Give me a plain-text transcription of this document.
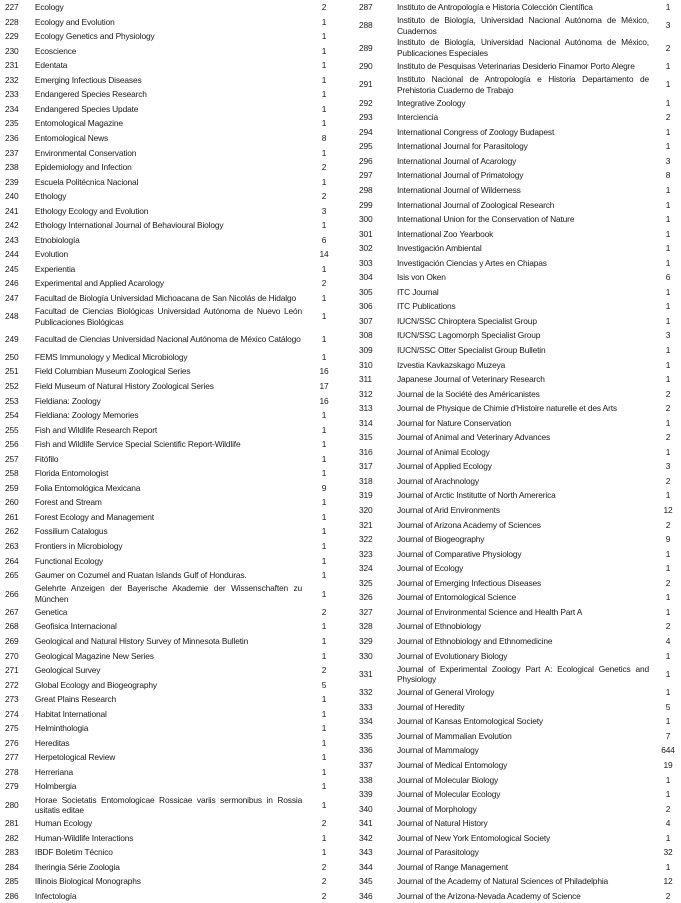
227	Ecology	2
228	Ecology and Evolution	1
229	Ecology Genetics and Physiology	1
230	Ecoscience	1
231	Edentata	1
232	Emerging Infectious Diseases	1
233	Endangered Species Research	1
234	Endangered Species Update	1
235	Entomological Magazine	1
236	Entomological News	8
237	Environmental Conservation	1
238	Epidemiology and Infection	2
239	Escuela Politécnica Nacional	1
240	Ethology	2
241	Ethology Ecology and Evolution	3
242	Ethology International Journal of Behavioural Biology	1
243	Etnobiología	6
244	Evolution	14
245	Experientia	1
246	Experimental and Applied Acarology	2
247	Facultad de Biología Universidad Michoacana de San Nicolás de Hidalgo	1
248	Facultad de Ciencias Biológicas Universidad Autónoma de Nuevo León Publicaciones Biológicas	1
249	Facultad de Ciencias Universidad Nacional Autónoma de México Catálogo	1
250	FEMS Immunology y Medical Microbiology	1
251	Field Columbian Museum Zoological Series	16
252	Field Museum of Natural History Zoological Series	17
253	Fieldiana: Zoology	16
254	Fieldiana: Zoology Memories	1
255	Fish and Wildlife Research Report	1
256	Fish and Wildlife Service Special Scientific Report-Wildlife	1
257	Fitófilo	1
258	Florida Entomologist	1
259	Folia Entomológica Mexicana	9
260	Forest and Stream	1
261	Forest Ecology and Management	1
262	Fossilium Catalogus	1
263	Frontiers in Microbiology	1
264	Functional Ecology	1
265	Gaumer on Cozumel and Ruatan Islands Gulf of Honduras.	1
266	Gelehrte Anzeigen der Bayerische Akademie der Wissenschaften zu München	1
267	Genetica	2
268	Geofisica Internacional	1
269	Geological and Natural History Survey of Minnesota Bulletin	1
270	Geological Magazine New Series	1
271	Geological Survey	2
272	Global Ecology and Biogeography	5
273	Great Plains Research	1
274	Habitat International	1
275	Helminthologia	1
276	Hereditas	1
277	Herpetological Review	1
278	Herreriana	1
279	Holmbergia	1
280	Horae Societatis Entomologicae Rossicae variis sermonibus in Rossia usitatis editae	1
281	Human Ecology	2
282	Human-Wildlife Interactions	1
283	IBDF Boletim Técnico	1
284	Iheringia Série Zoologia	2
285	Illinois Biological Monographs	2
286	Infectología	2
287	Instituto de Antropología e Historia Colección Científica	1
288	Instituto de Biología, Universidad Nacional Autónoma de México, Cuadernos	3
289	Instituto de Biología, Universidad Nacional Autónoma de México, Publicaciones Especiales	2
290	Instituto de Pesquisas Veterinarias Desiderio Finamor Porto Alegre	1
291	Instituto Nacional de Antropología e Historia Departamento de Prehistoria Cuaderno de Trabajo	1
292	Integrative Zoology	1
293	Interciencia	2
294	International Congress of Zoology Budapest	1
295	International Journal for Parasitology	1
296	International Journal of Acarology	3
297	International Journal of Primatology	8
298	International Journal of Wilderness	1
299	International Journal of Zoological Research	1
300	International Union for the Conservation of Nature	1
301	International Zoo Yearbook	1
302	Investigación Ambiental	1
303	Investigación Ciencias y Artes en Chiapas	1
304	Isis von Oken	6
305	ITC Journal	1
306	ITC Publications	1
307	IUCN/SSC Chiroptera Specialist Group	1
308	IUCN/SSC Lagomorph Specialist Group	3
309	IUCN/SSC Otter Specialist Group Bulletin	1
310	Izvestia Kavkazskago Muzeya	1
311	Japanese Journal of Veterinary Research	1
312	Journal de la Société des Américanistes	2
313	Journal de Physique de Chimie d'Histoire naturelle et des Arts	2
314	Journal for Nature Conservation	1
315	Journal of Animal and Veterinary Advances	2
316	Journal of Animal Ecology	1
317	Journal of Applied Ecology	3
318	Journal of Arachnology	2
319	Journal of Arctic Institutte of North Amererica	1
320	Journal of Arid Environments	12
321	Journal of Arizona Academy of Sciences	2
322	Journal of Biogeography	9
323	Journal of Comparative Physiology	1
324	Journal of Ecology	1
325	Journal of Emerging Infectious Diseases	2
326	Journal of Entomological Science	1
327	Journal of Environmental Science and Health Part A	1
328	Journal of Ethnobiology	2
329	Journal of Ethnobiology and Ethnomedicine	4
330	Journal of Evolutionary Biology	1
331	Journal of Experimental Zoology Part A: Ecological Genetics and Physiology	1
332	Journal of General Virology	1
333	Journal of Heredity	5
334	Journal of Kansas Entomological Society	1
335	Journal of Mammalian Evolution	7
336	Journal of Mammalogy	644
337	Journal of Medical Entomology	19
338	Journal of Molecular Biology	1
339	Journal of Molecular Ecology	1
340	Journal of Morphology	2
341	Journal of Natural History	4
342	Journal of New York Entomological Society	1
343	Journal of Parasitology	32
344	Journal of Range Management	1
345	Journal of the Academy of Natural Sciences of Philadelphia	12
346	Journal of the Arizona-Nevada Academy of Science	2
